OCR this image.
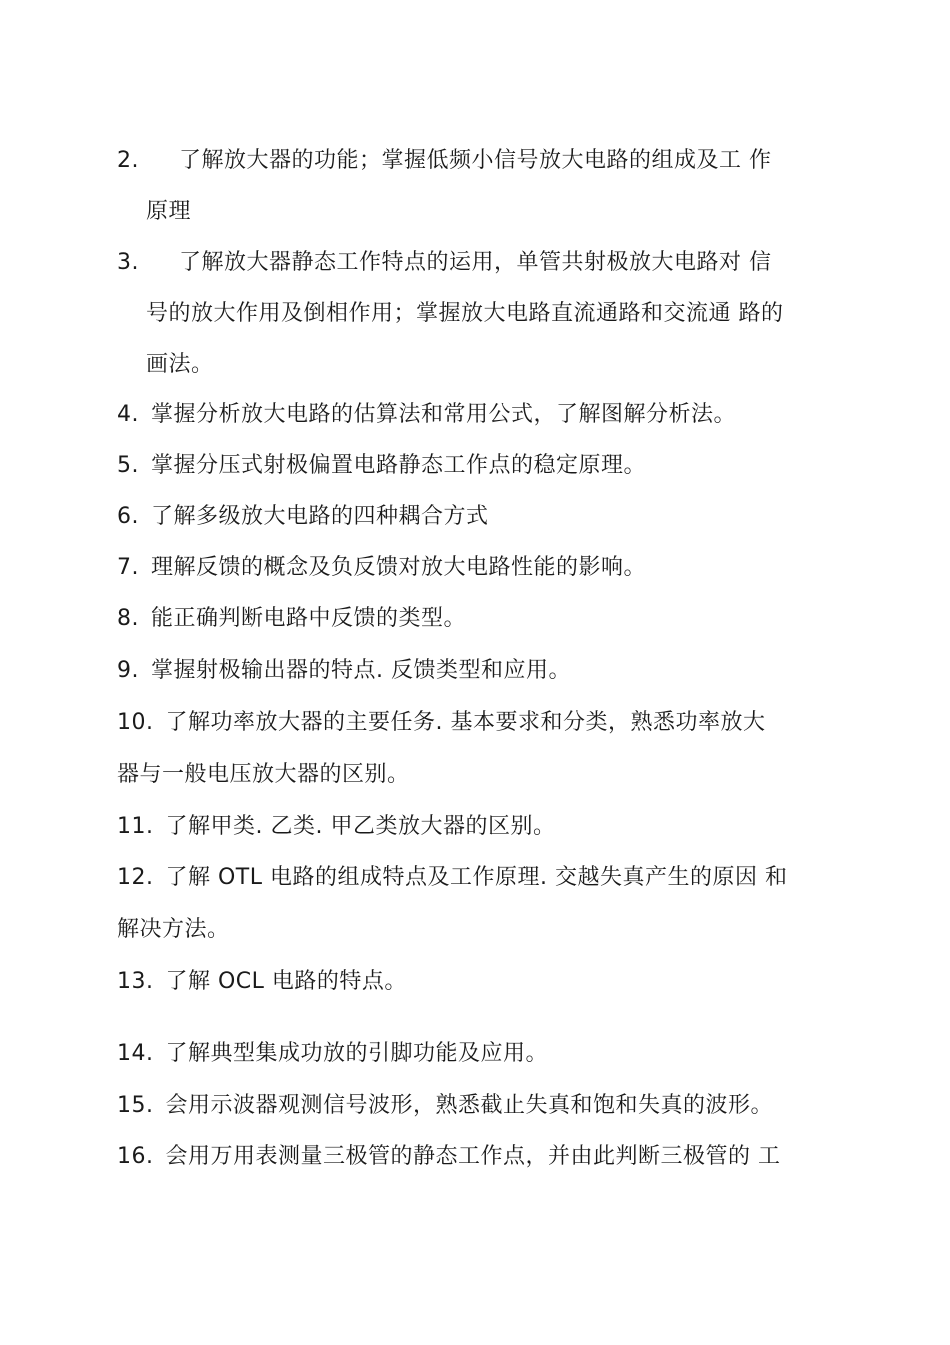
2. 了解放大器的功能；掌握低频小信号放大电路的组成及工 作
原理
3. 了解放大器静态工作特点的运用，单管共射极放大电路对 信
号的放大作用及倒相作用；掌握放大电路直流通路和交流通 路的
画法。
4. 掌握分析放大电路的估算法和常用公式，了解图解分析法。
5. 掌握分压式射极偏置电路静态工作点的稳定原理。
6. 了解多级放大电路的四种耦合方式
7. 理解反馈的概念及负反馈对放大电路性能的影响。
8. 能正确判断电路中反馈的类型。
9. 掌握射极输出器的特点. 反馈类型和应用。
10. 了解功率放大器的主要任务. 基本要求和分类，熟悉功率放大
器与一般电压放大器的区别。
11. 了解甲类. 乙类. 甲乙类放大器的区别。
12. 了解 OTL 电路的组成特点及工作原理. 交越失真产生的原因 和
解决方法。
13. 了解 OCL 电路的特点。
14. 了解典型集成功放的引脚功能及应用。
15. 会用示波器观测信号波形，熟悉截止失真和饱和失真的波形。
16. 会用万用表测量三极管的静态工作点，并由此判断三极管的 工
